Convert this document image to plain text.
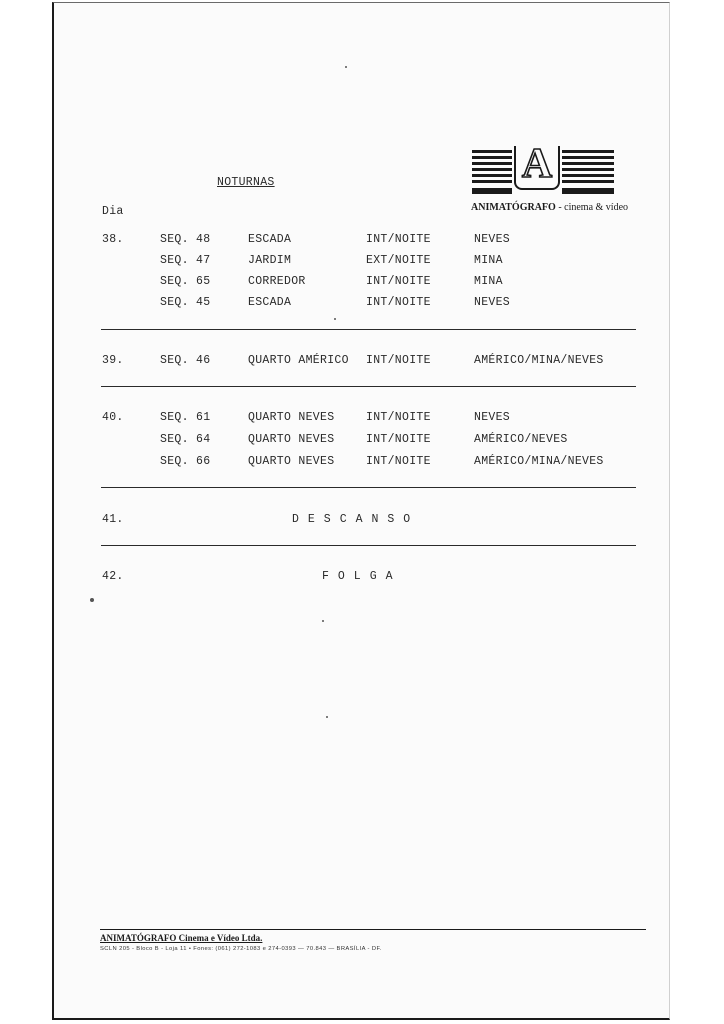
A
ANIMATÓGRAFO - cinema & vídeo
NOTURNAS
Dia
38.	SEQ. 48	ESCADA	INT/NOITE	NEVES
SEQ. 47	JARDIM	EXT/NOITE	MINA
SEQ. 65	CORREDOR	INT/NOITE	MINA
SEQ. 45	ESCADA	INT/NOITE	NEVES
39.	SEQ. 46	QUARTO AMÉRICO INT/NOITE	AMÉRICO/MINA/NEVES
40.	SEQ. 61	QUARTO NEVES	INT/NOITE	NEVES
SEQ. 64	QUARTO NEVES	INT/NOITE	AMÉRICO/NEVES
SEQ. 66	QUARTO NEVES	INT/NOITE	AMÉRICO/MINA/NEVES
41.	DESCANSO
42.	FOLGA
ANIMATÓGRAFO Cinema e Vídeo Ltda.
SCLN 205 - Bloco B - Loja 11 • Fones: (061) 272-1083 e 274-0393 — 70.843 — BRASÍLIA - DF.
